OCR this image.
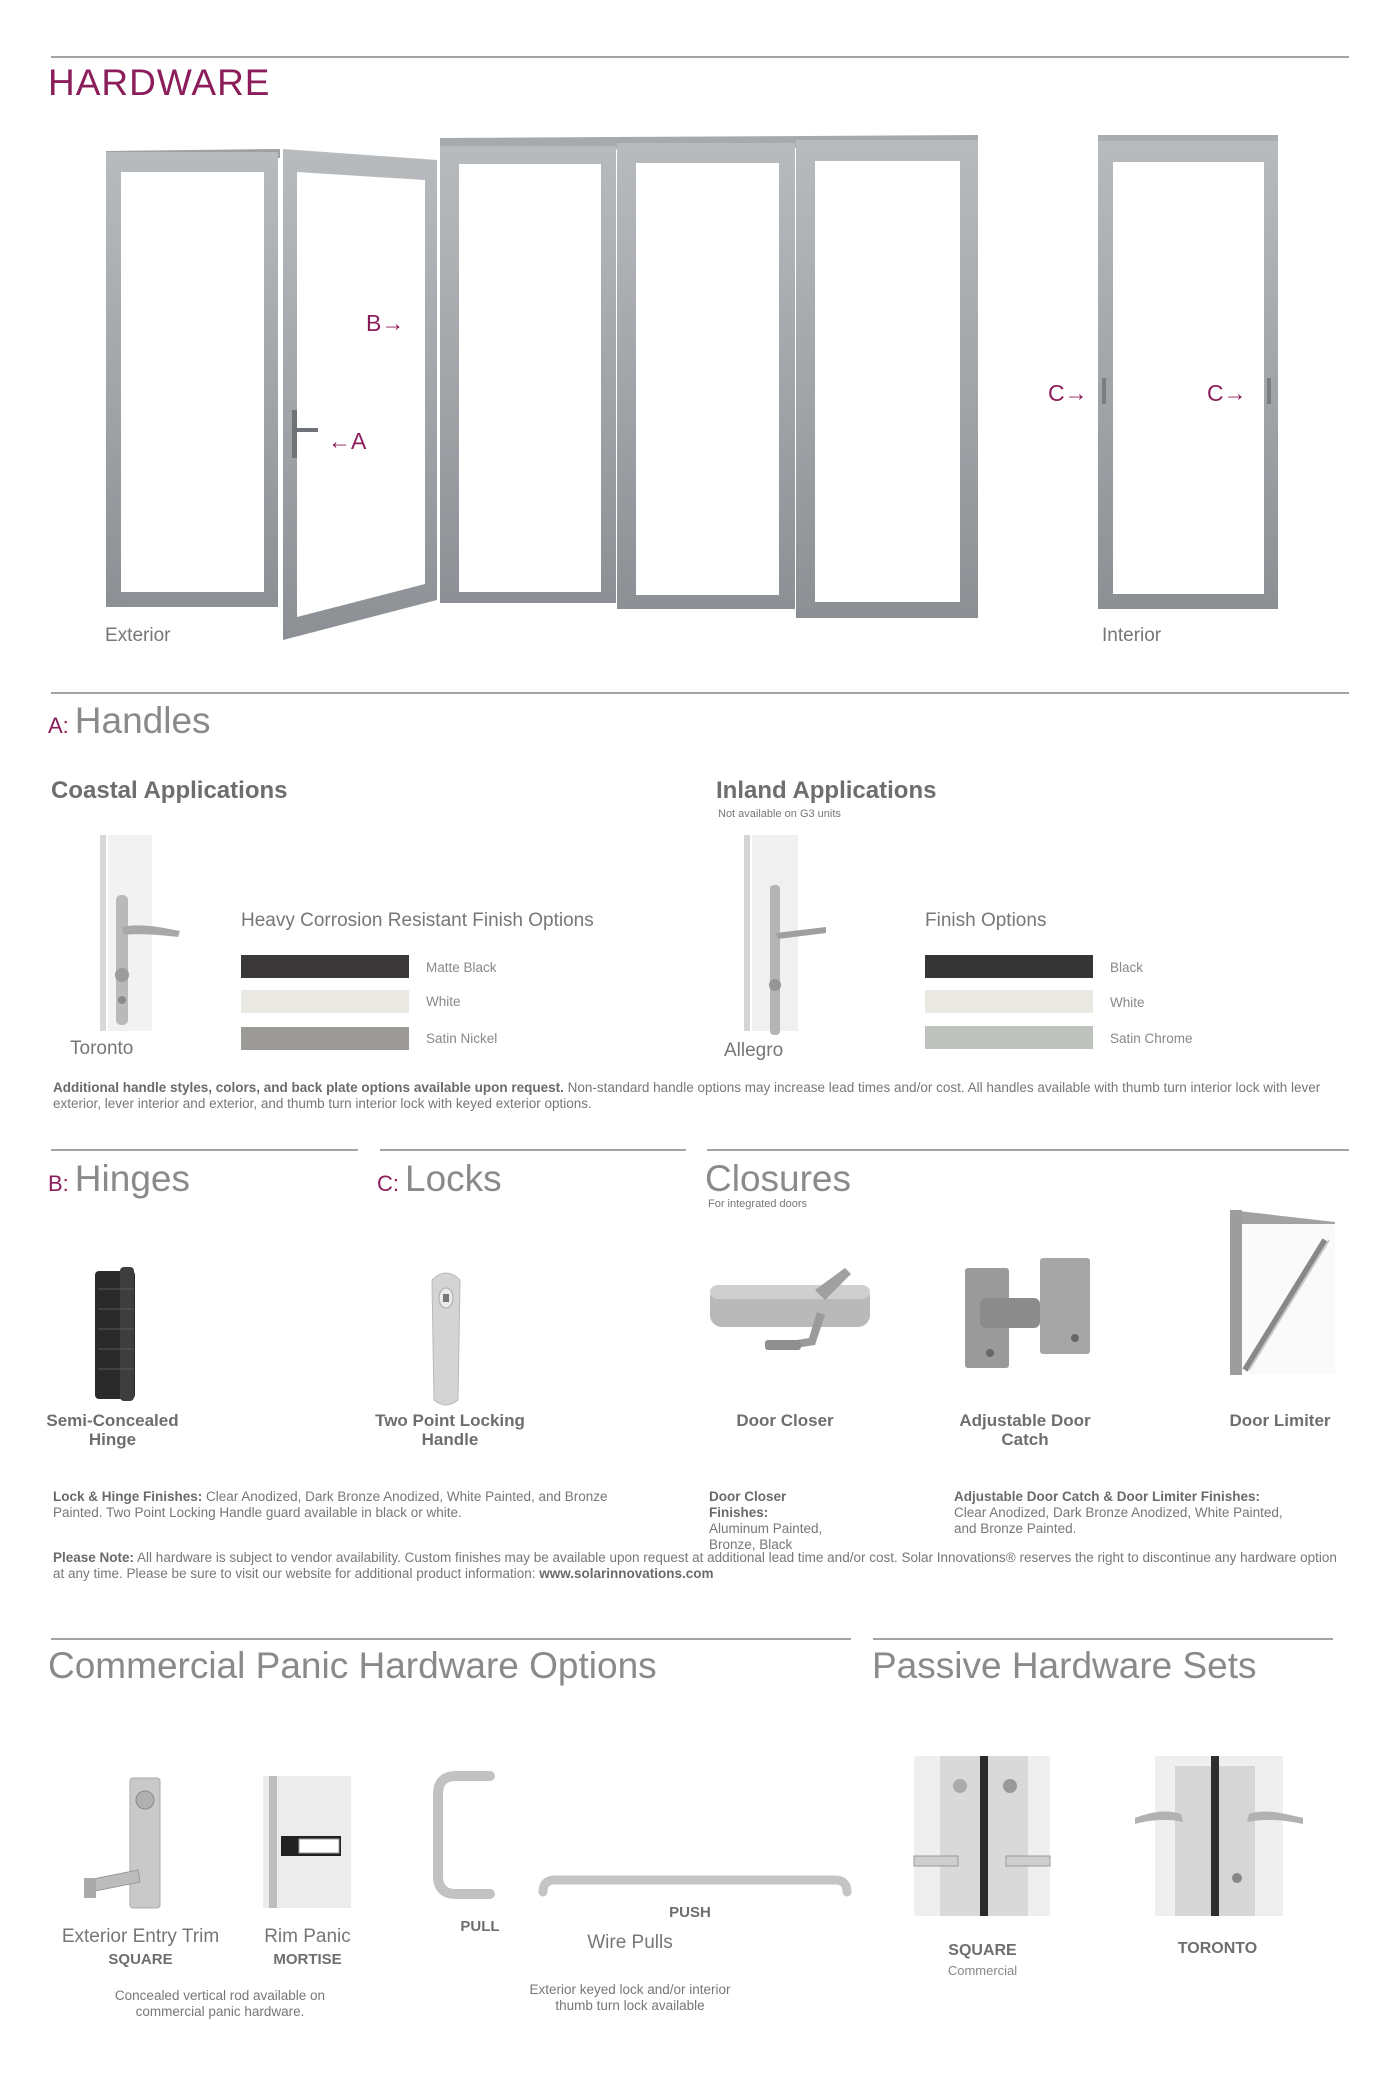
HARDWARE
B→
←A
C→	C→
Exterior	Interior
A: Handles
Coastal Applications
Toronto
Heavy Corrosion Resistant Finish Options
Matte Black
White
Satin Nickel
Inland Applications
Not available on G3 units
Allegro
Finish Options
Black
White
Satin Chrome
Additional handle styles, colors, and back plate options available upon request. Non-standard handle options may increase lead times and/or cost. All handles available with thumb turn interior lock with lever exterior, lever interior and exterior, and thumb turn interior lock with keyed exterior options.
B: Hinges	C: Locks	Closures
For integrated doors
Semi-Concealed Hinge
Two Point Locking Handle
Door Closer	Adjustable Door Catch
Door Limiter
Lock & Hinge Finishes: Clear Anodized, Dark Bronze Anodized, White Painted, and Bronze Painted. Two Point Locking Handle guard available in black or white.
Door Closer Finishes:
Aluminum Painted, Bronze, Black
Adjustable Door Catch & Door Limiter Finishes:
Clear Anodized, Dark Bronze Anodized, White Painted, and Bronze Painted.
Please Note: All hardware is subject to vendor availability. Custom finishes may be available upon request at additional lead time and/or cost. Solar Innovations® reserves the right to discontinue any hardware option at any time. Please be sure to visit our website for additional product information: www.solarinnovations.com
Commercial Panic Hardware Options
Exterior Entry Trim
SQUARE
Rim Panic
MORTISE
Concealed vertical rod available on commercial panic hardware.
PULL
PUSH
Wire Pulls
Exterior keyed lock and/or interior thumb turn lock available
Passive Hardware Sets
SQUARE
Commercial
TORONTO
